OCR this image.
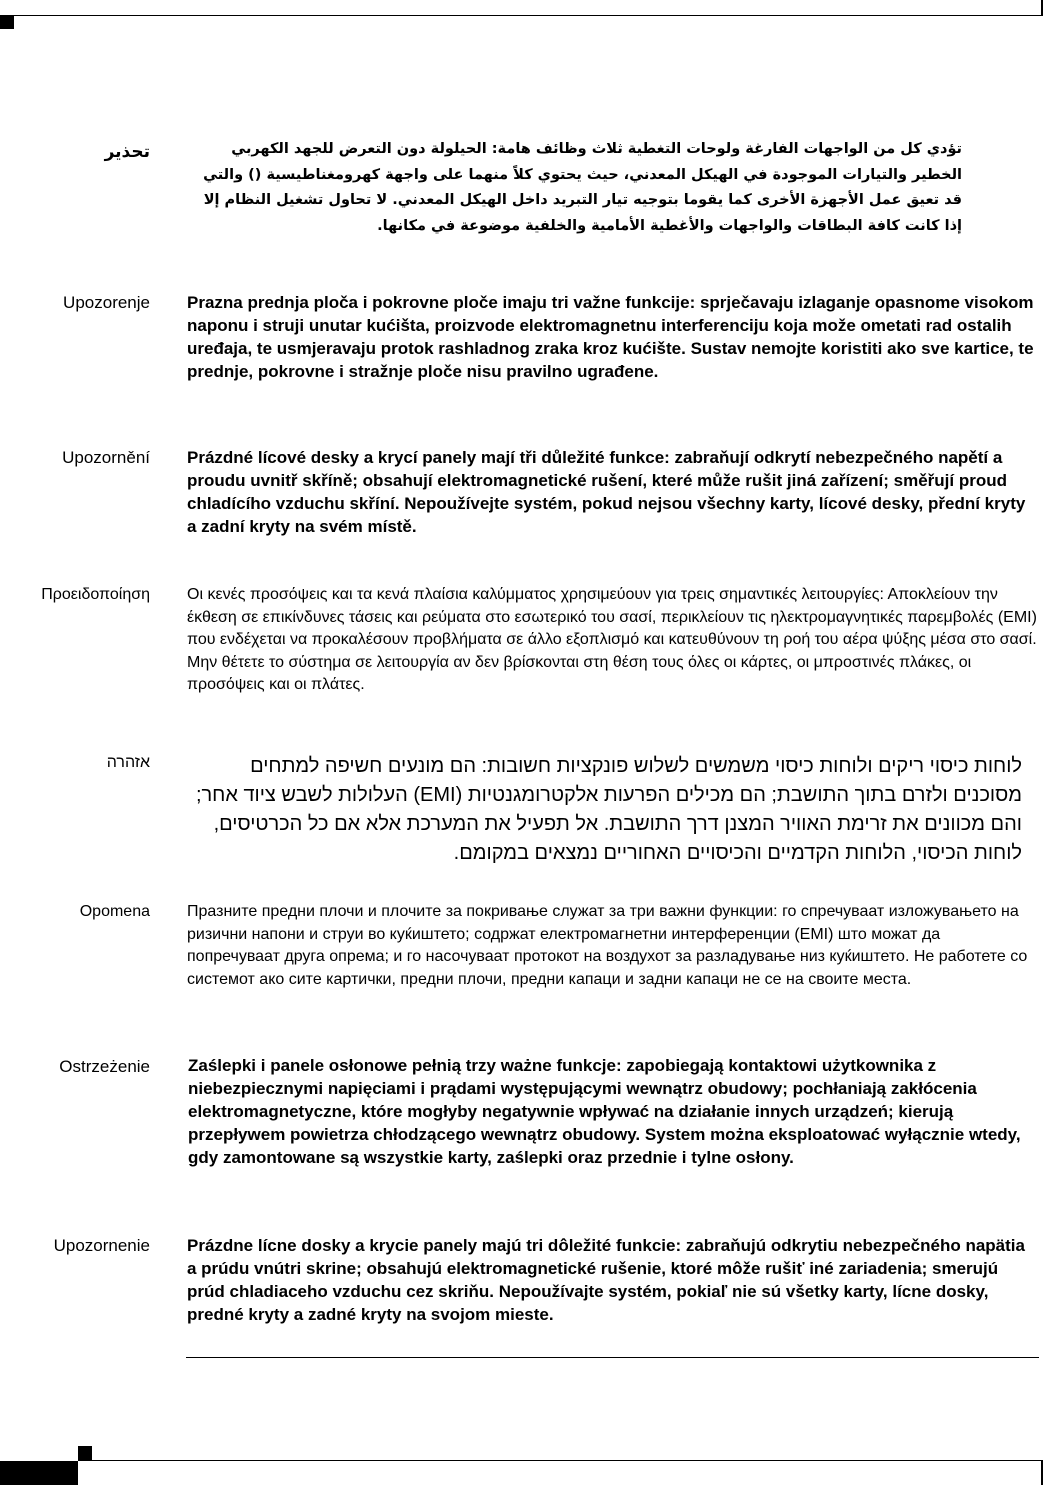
تحذير	تؤدي كل من الواجهات الفارغة ولوحات التغطية ثلاث وظائف هامة: الحيلولة دون التعرض للجهد الكهربي الخطير والتيارات الموجودة في الهيكل المعدني، حيث يحتوي كلاً منهما على واجهة كهرومغناطيسية () والتي قد تعيق عمل الأجهزة الأخرى كما يقوما بتوجيه تيار التبريد داخل الهيكل المعدني. لا تحاول تشغيل النظام إلا إذا كانت كافة البطاقات والواجهات والأغطية الأمامية والخلفية موضوعة في مكانها.
Upozorenje Prazna prednja ploča i pokrovne ploče imaju tri važne funkcije: sprječavaju izlaganje opasnome visokom naponu i struji unutar kućišta, proizvode elektromagnetnu interferenciju koja može ometati rad ostalih uređaja, te usmjeravaju protok rashladnog zraka kroz kućište. Sustav nemojte koristiti ako sve kartice, te prednje, pokrovne i stražnje ploče nisu pravilno ugrađene.
Upozornění Prázdné lícové desky a krycí panely mají tři důležité funkce: zabraňují odkrytí nebezpečného napětí a proudu uvnitř skříně; obsahují elektromagnetické rušení, které může rušit jiná zařízení; směřují proud chladícího vzduchu skříní. Nepoužívejte systém, pokud nejsou všechny karty, lícové desky, přední kryty a zadní kryty na svém místě.
Προειδοποίηση Οι κενές προσόψεις και τα κενά πλαίσια καλύμματος χρησιμεύουν για τρεις σημαντικές λειτουργίες: Αποκλείουν την έκθεση σε επικίνδυνες τάσεις και ρεύματα στο εσωτερικό του σασί, περικλείουν τις ηλεκτρομαγνητικές παρεμβολές (EMI) που ενδέχεται να προκαλέσουν προβλήματα σε άλλο εξοπλισμό και κατευθύνουν τη ροή του αέρα ψύξης μέσα στο σασί. Μην θέτετε το σύστημα σε λειτουργία αν δεν βρίσκονται στη θέση τους όλες οι κάρτες, οι μπροστινές πλάκες, οι προσόψεις και οι πλάτες.
אזהרה	לוחות כיסוי ריקים ולוחות כיסוי משמשים לשלוש פונקציות חשובות: הם מונעים חשיפה למתחים מסוכנים ולזרם בתוך התושבת; הם מכילים הפרעות אלקטרומגנטיות (EMI) העלולות לשבש ציוד אחר; והם מכוונים את זרימת האוויר המצנן דרך התושבת. אל תפעיל את המערכת אלא אם כל הכרטיסים, לוחות הכיסוי, הלוחות הקדמיים והכיסויים האחוריים נמצאים במקומם.
Opomena Празните предни плочи и плочите за покривање служат за три важни функции: го спречуваат изложувањето на ризични напони и струи во куќиштето; содржат електромагнетни интерференции (EMI) што можат да попречуваат друга опрема; и го насочуваат протокот на воздухот за разладување низ куќиштето. Не работете со системот ако сите картички, предни плочи, предни капаци и задни капаци не се на своите места.
Ostrzeżenie Zaślepki i panele osłonowe pełnią trzy ważne funkcje: zapobiegają kontaktowi użytkownika z niebezpiecznymi napięciami i prądami występującymi wewnątrz obudowy; pochłaniają zakłócenia elektromagnetyczne, które mogłyby negatywnie wpływać na działanie innych urządzeń; kierują przepływem powietrza chłodzącego wewnątrz obudowy. System można eksploatować wyłącznie wtedy, gdy zamontowane są wszystkie karty, zaślepki oraz przednie i tylne osłony.
Upozornenie Prázdne lícne dosky a krycie panely majú tri dôležité funkcie: zabraňujú odkrytiu nebezpečného napätia a prúdu vnútri skrine; obsahujú elektromagnetické rušenie, ktoré môže rušiť iné zariadenia; smerujú prúd chladiaceho vzduchu cez skriňu. Nepoužívajte systém, pokiaľ nie sú všetky karty, lícne dosky, predné kryty a zadné kryty na svojom mieste.
